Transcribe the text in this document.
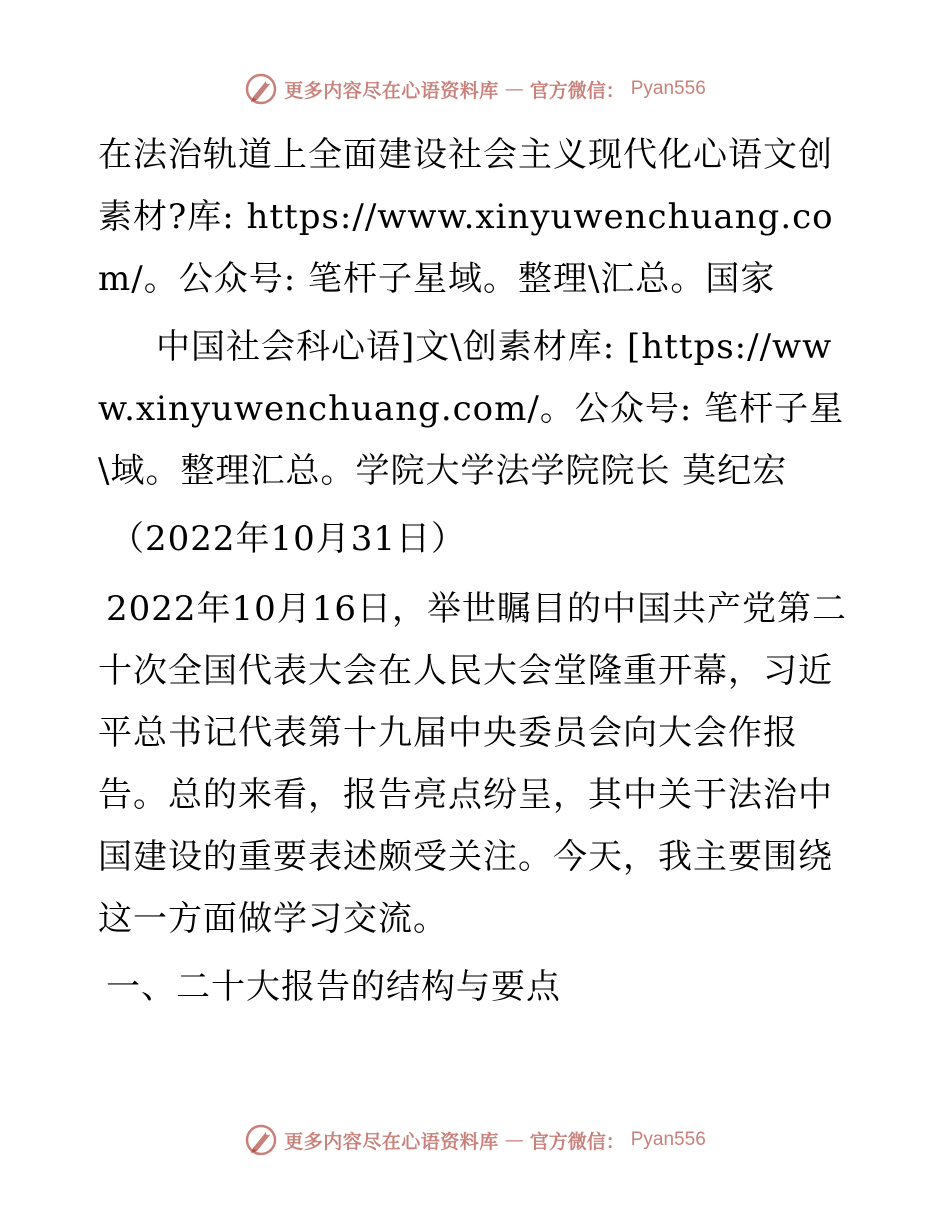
更多内容尽在心语资料库 — 官方微信： Pyan556

在法治轨道上全面建设社会主义现代化心语文创素材?库: https://www.xinyuwenchuang.com/。公众号: 笔杆子星域。整理\汇总。国家

中国社会科心语]文\创素材库: [https://www.xinyuwenchuang.com/。公众号: 笔杆子星\域。整理汇总。学院大学法学院院长 莫纪宏

（2022年10月31日）

2022年10月16日，举世瞩目的中国共产党第二十次全国代表大会在人民大会堂隆重开幕，习近平总书记代表第十九届中央委员会向大会作报告。总的来看，报告亮点纷呈，其中关于法治中国建设的重要表述颇受关注。今天，我主要围绕这一方面做学习交流。

一、二十大报告的结构与要点

更多内容尽在心语资料库 — 官方微信： Pyan556
